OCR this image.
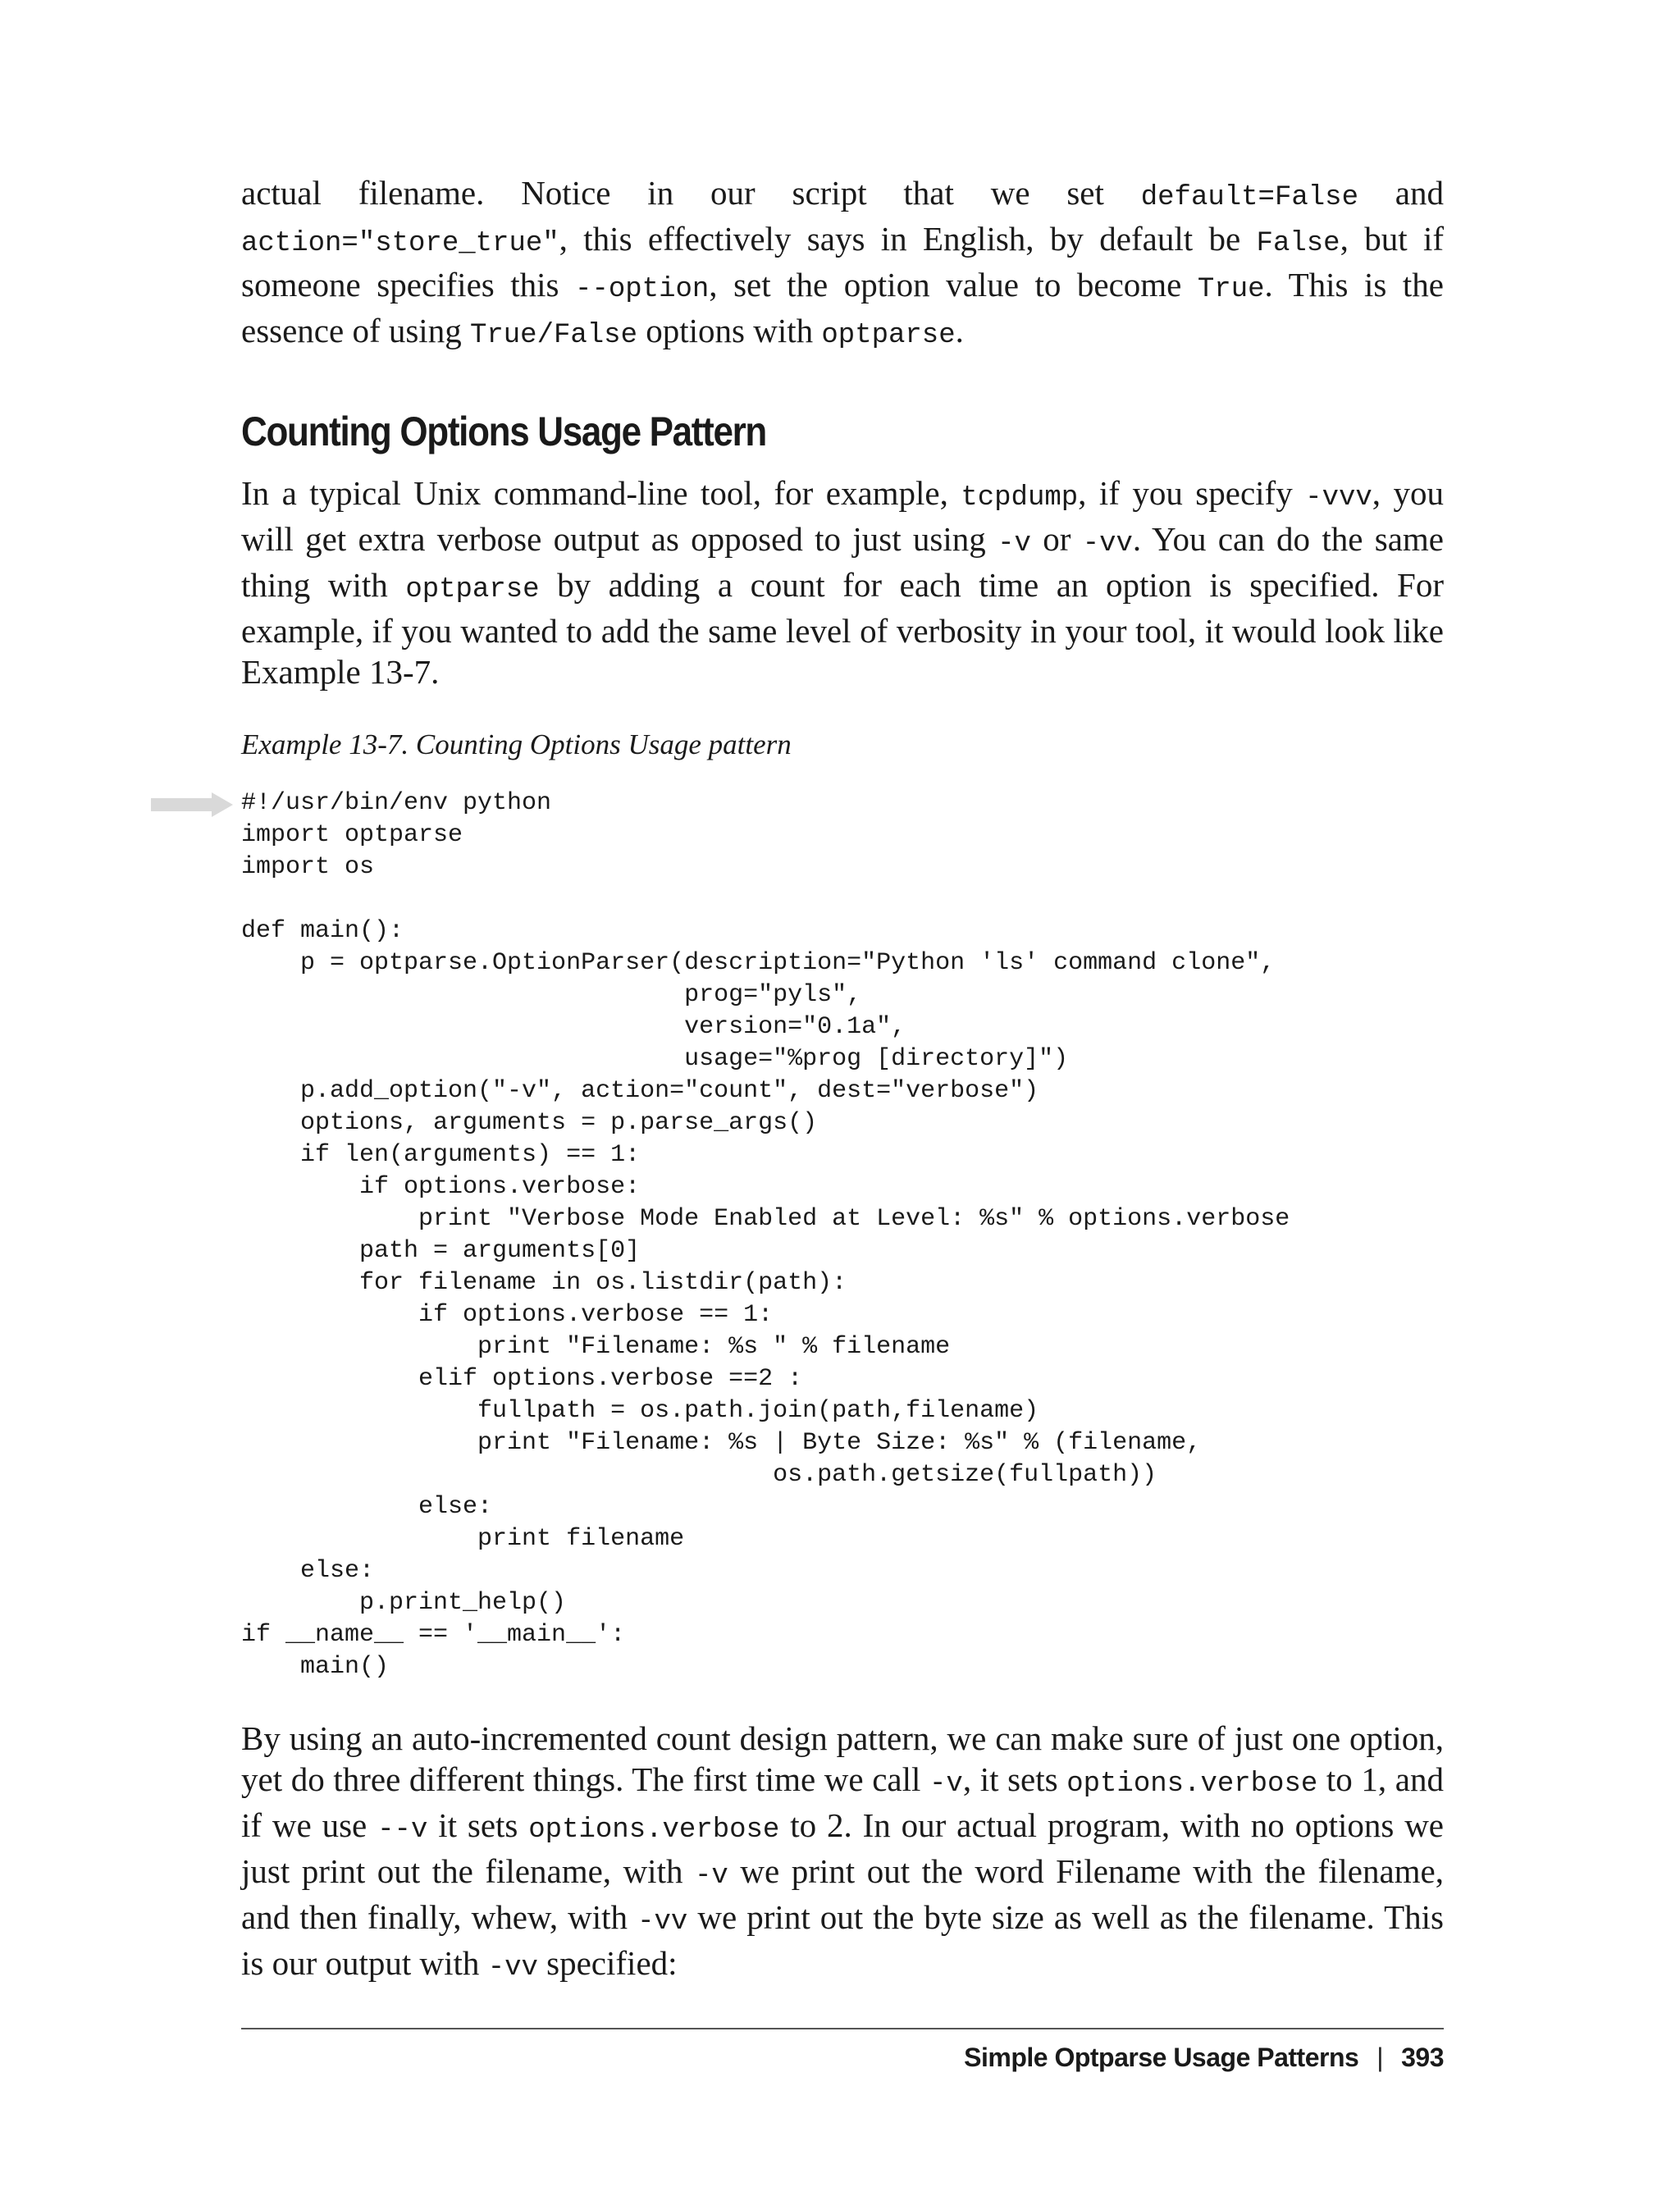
actual filename. Notice in our script that we set default=False and action="store_true", this effectively says in English, by default be False, but if someone specifies this --option, set the option value to become True. This is the essence of using True/False options with optparse.

Counting Options Usage Pattern

In a typical Unix command-line tool, for example, tcpdump, if you specify -vvv, you will get extra verbose output as opposed to just using -v or -vv. You can do the same thing with optparse by adding a count for each time an option is specified. For example, if you wanted to add the same level of verbosity in your tool, it would look like Example 13-7.

Example 13-7. Counting Options Usage pattern
#!/usr/bin/env python
import optparse
import os

def main():
p = optparse.OptionParser(description="Python 'ls' command clone",
prog="pyls",
version="0.1a",
usage="%prog [directory]")
p.add_option("-v", action="count", dest="verbose")
options, arguments = p.parse_args()
if len(arguments) == 1:
if options.verbose:
print "Verbose Mode Enabled at Level: %s" % options.verbose
path = arguments[0]
for filename in os.listdir(path):
if options.verbose == 1:
print "Filename: %s " % filename
elif options.verbose ==2 :
fullpath = os.path.join(path,filename)
print "Filename: %s | Byte Size: %s" % (filename,
os.path.getsize(fullpath))
else:
print filename
else:
p.print_help()
if __name__ == '__main__':
main()

By using an auto-incremented count design pattern, we can make sure of just one option, yet do three different things. The first time we call -v, it sets options.verbose to 1, and if we use --v it sets options.verbose to 2. In our actual program, with no options we just print out the filename, with -v we print out the word Filename with the filename, and then finally, whew, with -vv we print out the byte size as well as the filename. This is our output with -vv specified:

Simple Optparse Usage Patterns | 393
